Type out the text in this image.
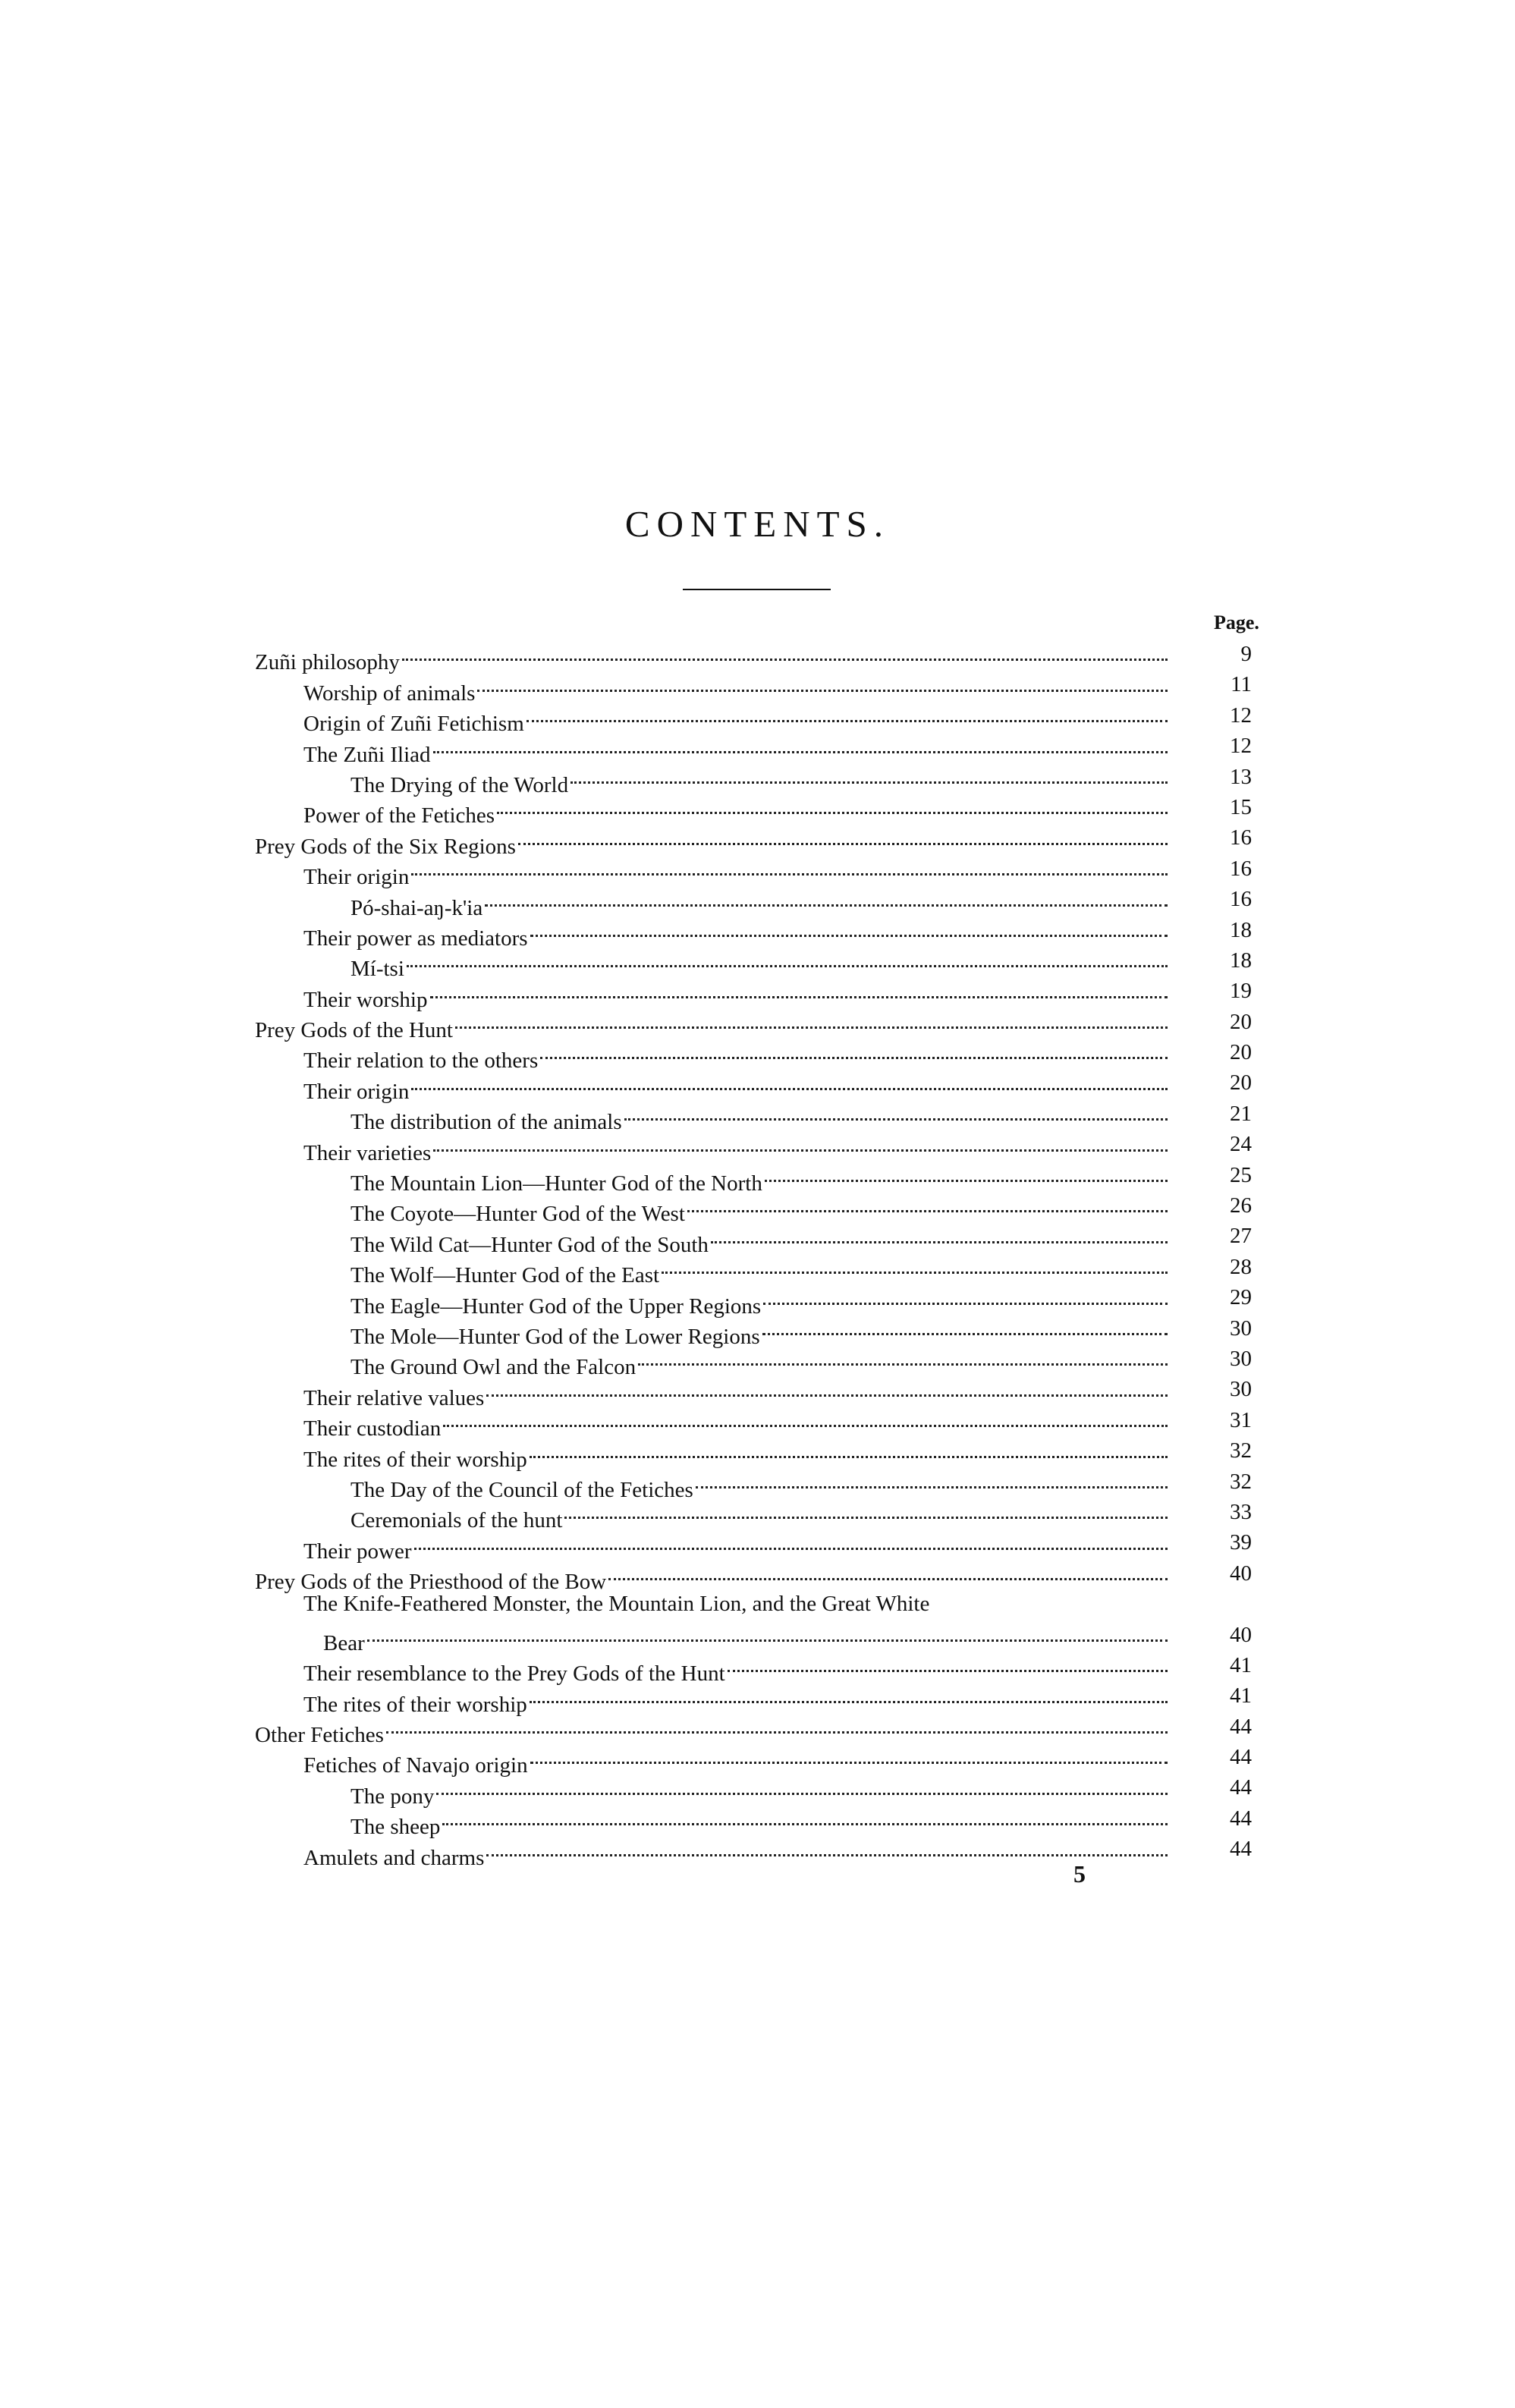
CONTENTS.
Page.
Zuñi philosophy	9
Worship of animals	11
Origin of Zuñi Fetichism	12
The Zuñi Iliad	12
The Drying of the World	13
Power of the Fetiches	15
Prey Gods of the Six Regions	16
Their origin	16
Pó-shai-aŋ-k'ia	16
Their power as mediators	18
Mí-tsi	18
Their worship	19
Prey Gods of the Hunt	20
Their relation to the others	20
Their origin	20
The distribution of the animals	21
Their varieties	24
The Mountain Lion—Hunter God of the North	25
The Coyote—Hunter God of the West	26
The Wild Cat—Hunter God of the South	27
The Wolf—Hunter God of the East	28
The Eagle—Hunter God of the Upper Regions	29
The Mole—Hunter God of the Lower Regions	30
The Ground Owl and the Falcon	30
Their relative values	30
Their custodian	31
The rites of their worship	32
The Day of the Council of the Fetiches	32
Ceremonials of the hunt	33
Their power	39
Prey Gods of the Priesthood of the Bow	40
The Knife-Feathered Monster, the Mountain Lion, and the Great White
Bear	40
Their resemblance to the Prey Gods of the Hunt	41
The rites of their worship	41
Other Fetiches	44
Fetiches of Navajo origin	44
The pony	44
The sheep	44
Amulets and charms	44
5
